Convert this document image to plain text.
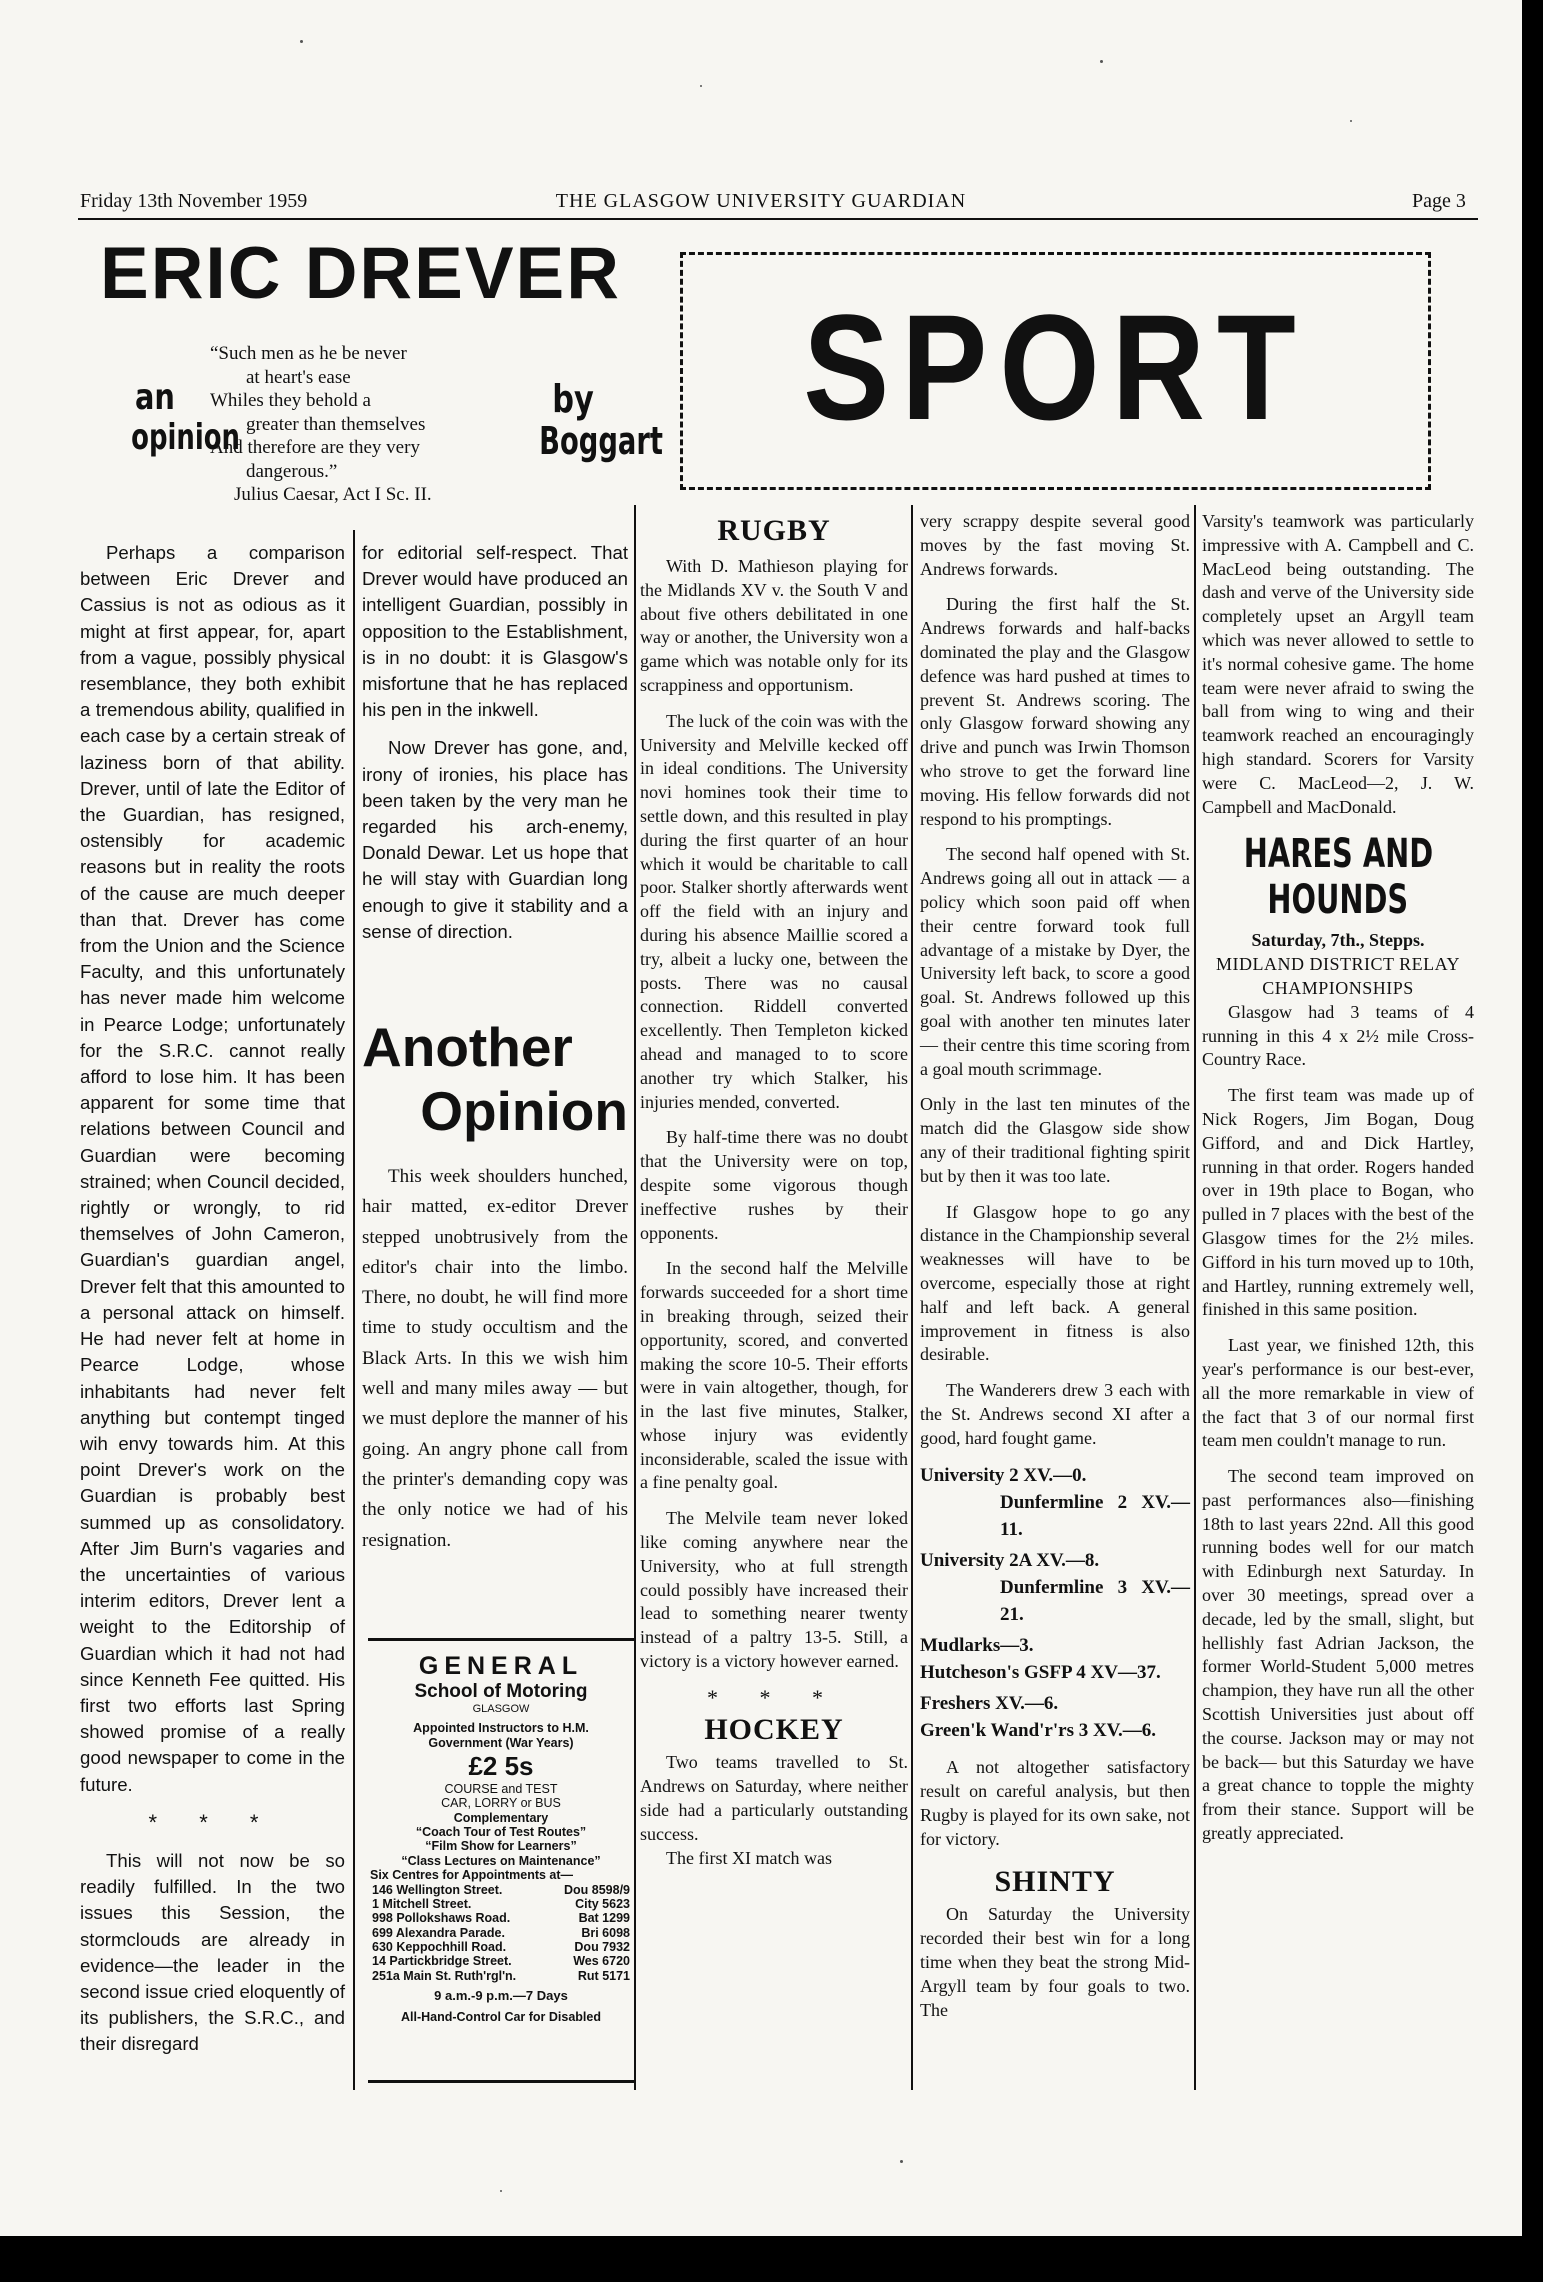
Friday 13th November 1959	THE GLASGOW UNIVERSITY GUARDIAN	Page 3
ERIC DREVER
an
opinion
by
Boggart
“Such men as he be never
at heart's ease
Whiles they behold a
greater than themselves
And therefore are they very
dangerous.”
Julius Caesar, Act I Sc. II.

Perhaps a comparison between Eric Drever and Cassius is not as odious as it might at first appear, for, apart from a vague, possibly physical resemblance, they both exhibit a tremendous ability, qualified in each case by a certain streak of laziness born of that ability. Drever, until of late the Editor of the Guardian, has resigned, ostensibly for academic reasons but in reality the roots of the cause are much deeper than that. Drever has come from the Union and the Science Faculty, and this unfortunately has never made him welcome in Pearce Lodge; unfortunately for the S.R.C. cannot really afford to lose him. It has been apparent for some time that relations between Council and Guardian were becoming strained; when Council decided, rightly or wrongly, to rid themselves of John Cameron, Guardian's guardian angel, Drever felt that this amounted to a personal attack on himself. He had never felt at home in Pearce Lodge, whose inhabitants had never felt anything but contempt tinged wih envy towards him. At this point Drever's work on the Guardian is probably best summed up as consolidatory. After Jim Burn's vagaries and the uncertainties of various interim editors, Drever lent a weight to the Editorship of Guardian which it had not had since Kenneth Fee quitted. His first two efforts last Spring showed promise of a really good newspaper to come in the future.

* * *

This will not now be so readily fulfilled. In the two issues this Session, the stormclouds are already in evidence—the leader in the second issue cried eloquently of its publishers, the S.R.C., and their disregard

for editorial self-respect. That Drever would have produced an intelligent Guardian, possibly in opposition to the Establishment, is in no doubt: it is Glasgow's misfortune that he has replaced his pen in the inkwell.

Now Drever has gone, and, irony of ironies, his place has been taken by the very man he regarded his arch-enemy, Donald Dewar. Let us hope that he will stay with Guardian long enough to give it stability and a sense of direction.

Another
Opinion

This week shoulders hunched, hair matted, ex-editor Drever stepped unobtrusively from the editor's chair into the limbo. There, no doubt, he will find more time to study occultism and the Black Arts. In this we wish him well and many miles away — but we must deplore the manner of his going. An angry phone call from the printer's demanding copy was the only notice we had of his resignation.

GENERAL
School of Motoring
GLASGOW
Appointed Instructors to H.M. Government (War Years)
£2 5s
COURSE and TEST
CAR, LORRY or BUS
Complementary
“Coach Tour of Test Routes”
“Film Show for Learners”
“Class Lectures on Maintenance”
Six Centres for Appointments at—
146 Wellington Street.	Dou 8598/9
1 Mitchell Street.	City 5623
998 Pollokshaws Road.	Bat 1299
699 Alexandra Parade.	Bri 6098
630 Keppochhill Road.	Dou 7932
14 Partickbridge Street.	Wes 6720
251a Main St. Ruth'rgl'n.	Rut 5171
9 a.m.-9 p.m.—7 Days
All-Hand-Control Car for Disabled
SPORT
RUGBY

With D. Mathieson playing for the Midlands XV v. the South V and about five others debilitated in one way or another, the University won a game which was notable only for its scrappiness and opportunism.

The luck of the coin was with the University and Melville kecked off in ideal conditions. The University novi homines took their time to settle down, and this resulted in play during the first quarter of an hour which it would be charitable to call poor. Stalker shortly afterwards went off the field with an injury and during his absence Maillie scored a try, albeit a lucky one, between the posts. There was no causal connection. Riddell converted excellently. Then Templeton kicked ahead and managed to to score another try which Stalker, his injuries mended, converted.

By half-time there was no doubt that the University were on top, despite some vigorous though ineffective rushes by their opponents.

In the second half the Melville forwards succeeded for a short time in breaking through, seized their opportunity, scored, and converted making the score 10-5. Their efforts were in vain altogether, though, for in the last five minutes, Stalker, whose injury was evidently inconsiderable, scaled the issue with a fine penalty goal.

The Melvile team never loked like coming anywhere near the University, who at full strength could possibly have increased their lead to something nearer twenty instead of a paltry 13-5. Still, a victory is a victory however earned.

* * *
HOCKEY

Two teams travelled to St. Andrews on Saturday, where neither side had a particularly outstanding success.

The first XI match was

very scrappy despite several good moves by the fast moving St. Andrews forwards.

During the first half the St. Andrews forwards and half-backs dominated the play and the Glasgow defence was hard pushed at times to prevent St. Andrews scoring. The only Glasgow forward showing any drive and punch was Irwin Thomson who strove to get the forward line moving. His fellow forwards did not respond to his promptings.

The second half opened with St. Andrews going all out in attack — a policy which soon paid off when their centre forward took full advantage of a mistake by Dyer, the University left back, to score a good goal. St. Andrews followed up this goal with another ten minutes later — their centre this time scoring from a goal mouth scrimmage.

Only in the last ten minutes of the match did the Glasgow side show any of their traditional fighting spirit but by then it was too late.

If Glasgow hope to go any distance in the Championship several weaknesses will have to be overcome, especially those at right half and left back. A general improvement in fitness is also desirable.

The Wanderers drew 3 each with the St. Andrews second XI after a good, hard fought game.

University 2 XV.—0.
Dunfermline 2 XV.—11.
University 2A XV.—8.
Dunfermline 3 XV.—21.
Mudlarks—3.
Hutcheson's GSFP 4 XV—37.
Freshers XV.—6.
Green'k Wand'r'rs 3 XV.—6.

A not altogether satisfactory result on careful analysis, but then Rugby is played for its own sake, not for victory.

SHINTY

On Saturday the University recorded their best win for a long time when they beat the strong Mid-Argyll team by four goals to two. The

Varsity's teamwork was particularly impressive with A. Campbell and C. MacLeod being outstanding. The dash and verve of the University side completely upset an Argyll team which was never allowed to settle to it's normal cohesive game. The home team were never afraid to swing the ball from wing to wing and their teamwork reached an encouragingly high standard. Scorers for Varsity were C. MacLeod—2, J. W. Campbell and MacDonald.

HARES AND
HOUNDS
Saturday, 7th., Stepps.
MIDLAND DISTRICT RELAY
CHAMPIONSHIPS

Glasgow had 3 teams of 4 running in this 4 x 2½ mile Cross-Country Race.

The first team was made up of Nick Rogers, Jim Bogan, Doug Gifford, and and Dick Hartley, running in that order. Rogers handed over in 19th place to Bogan, who pulled in 7 places with the best of the Glasgow times for the 2½ miles. Gifford in his turn moved up to 10th, and Hartley, running extremely well, finished in this same position.

Last year, we finished 12th, this year's performance is our best-ever, all the more remarkable in view of the fact that 3 of our normal first team men couldn't manage to run.

The second team improved on past performances also—finishing 18th to last years 22nd. All this good running bodes well for our match with Edinburgh next Saturday. In over 30 meetings, spread over a decade, led by the small, slight, but hellishly fast Adrian Jackson, the former World-Student 5,000 metres champion, they have run all the other Scottish Universities just about off the course. Jackson may or may not be back— but this Saturday we have a great chance to topple the mighty from their stance. Support will be greatly appreciated.
